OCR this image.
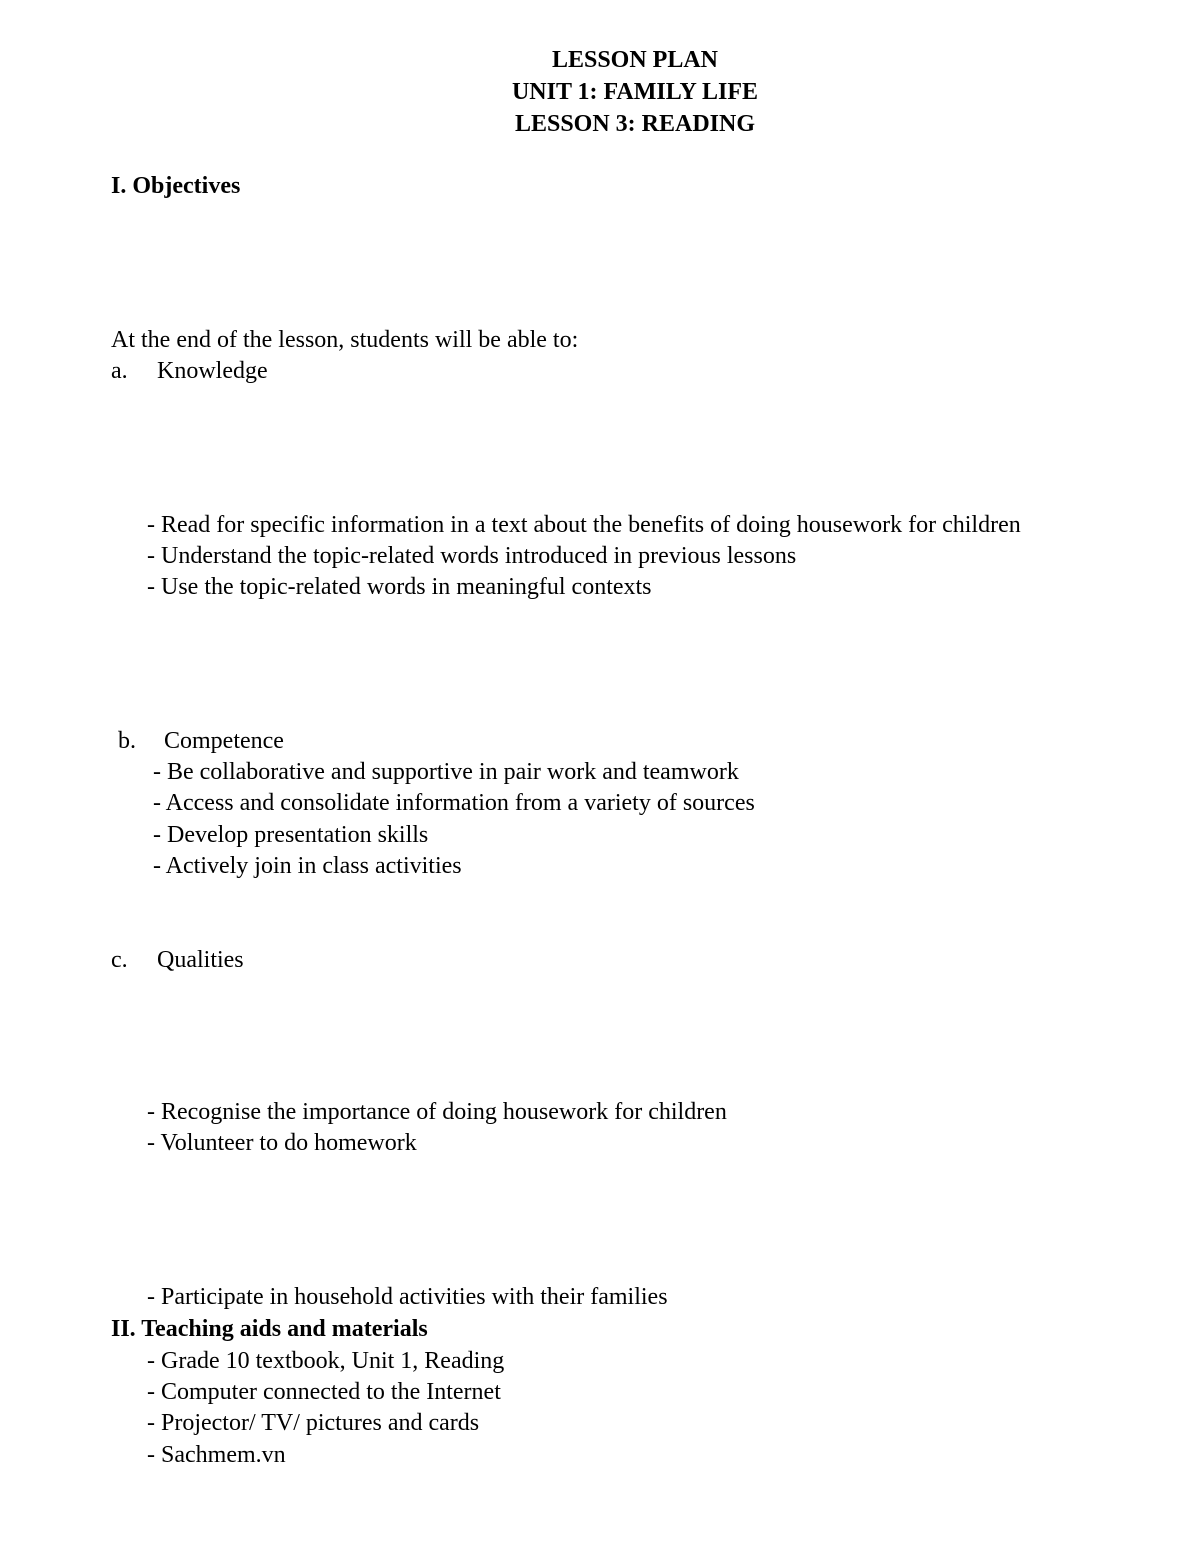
LESSON PLAN
UNIT 1: FAMILY LIFE
LESSON 3: READING
I. Objectives
At the end of the lesson, students will be able to:
a. Knowledge
- Read for specific information in a text about the benefits of doing housework for children
- Understand the topic-related words introduced in previous lessons
- Use the topic-related words in meaningful contexts
b. Competence
- Be collaborative and supportive in pair work and teamwork
- Access and consolidate information from a variety of sources
- Develop presentation skills
- Actively join in class activities
c. Qualities
- Recognise the importance of doing housework for children
- Volunteer to do homework
- Participate in household activities with their families
II. Teaching aids and materials
- Grade 10 textbook, Unit 1, Reading
- Computer connected to the Internet
- Projector/ TV/ pictures and cards
- Sachmem.vn
